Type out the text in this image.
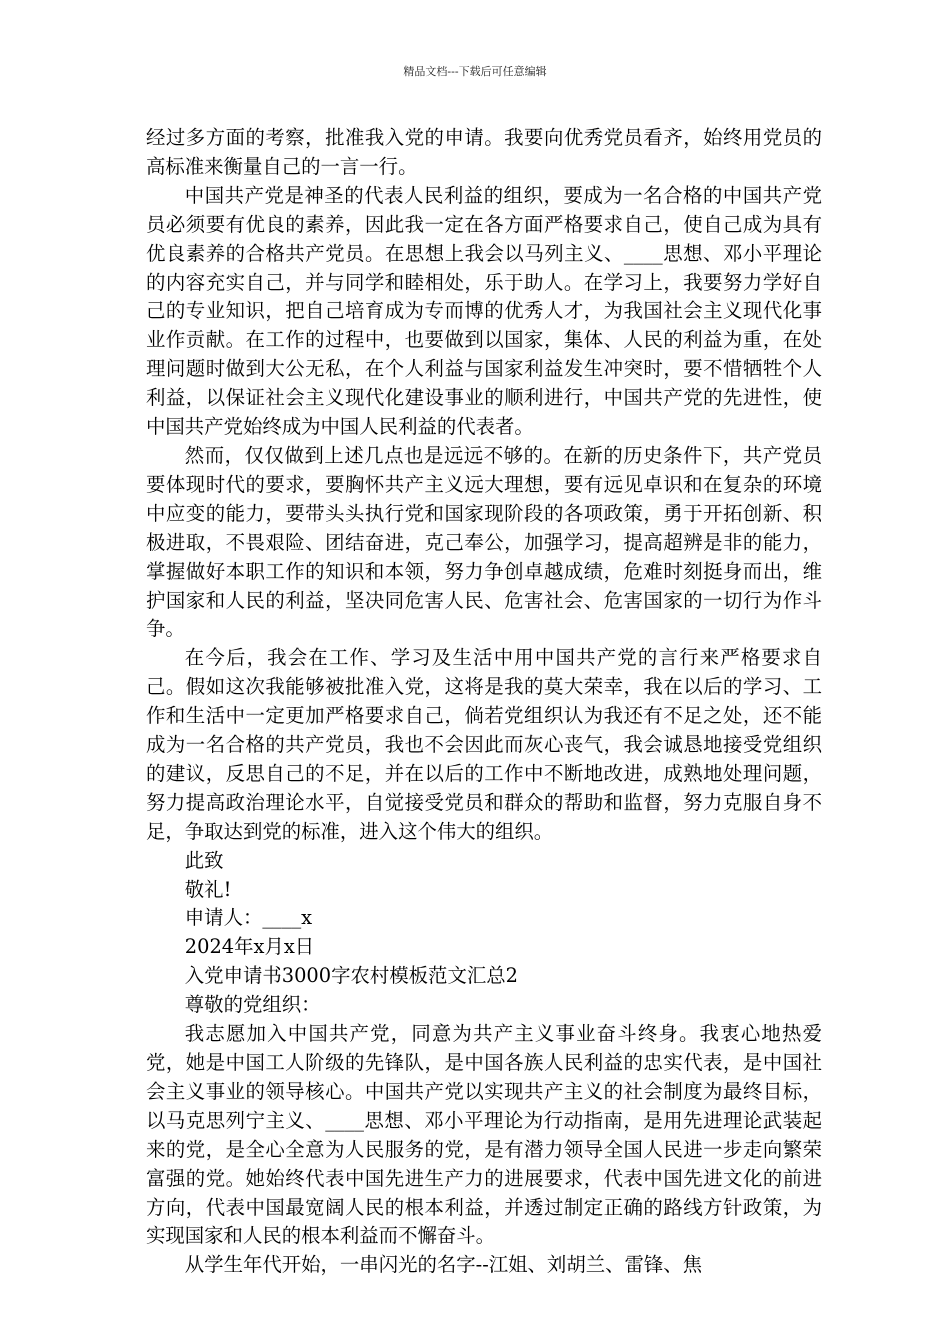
精品文档---下载后可任意编辑

经过多方面的考察，批准我入党的申请。我要向优秀党员看齐，始终用党员的高标准来衡量自己的一言一行。

中国共产党是神圣的代表人民利益的组织，要成为一名合格的中国共产党员必须要有优良的素养，因此我一定在各方面严格要求自己，使自己成为具有优良素养的合格共产党员。在思想上我会以马列主义、____思想、邓小平理论的内容充实自己，并与同学和睦相处，乐于助人。在学习上，我要努力学好自己的专业知识，把自己培育成为专而博的优秀人才，为我国社会主义现代化事业作贡献。在工作的过程中，也要做到以国家，集体、人民的利益为重，在处理问题时做到大公无私，在个人利益与国家利益发生冲突时，要不惜牺牲个人利益，以保证社会主义现代化建设事业的顺利进行，中国共产党的先进性，使中国共产党始终成为中国人民利益的代表者。

然而，仅仅做到上述几点也是远远不够的。在新的历史条件下，共产党员要体现时代的要求，要胸怀共产主义远大理想，要有远见卓识和在复杂的环境中应变的能力，要带头头执行党和国家现阶段的各项政策，勇于开拓创新、积极进取，不畏艰险、团结奋进，克己奉公，加强学习，提高超辨是非的能力，掌握做好本职工作的知识和本领，努力争创卓越成绩，危难时刻挺身而出，维护国家和人民的利益，坚决同危害人民、危害社会、危害国家的一切行为作斗争。

在今后，我会在工作、学习及生活中用中国共产党的言行来严格要求自己。假如这次我能够被批准入党，这将是我的莫大荣幸，我在以后的学习、工作和生活中一定更加严格要求自己，倘若党组织认为我还有不足之处，还不能成为一名合格的共产党员，我也不会因此而灰心丧气，我会诚恳地接受党组织的建议，反思自己的不足，并在以后的工作中不断地改进，成熟地处理问题，努力提高政治理论水平，自觉接受党员和群众的帮助和监督，努力克服自身不足，争取达到党的标准，进入这个伟大的组织。

此致

敬礼!

申请人：____x

2024年x月x日

入党申请书3000字农村模板范文汇总2

尊敬的党组织：

我志愿加入中国共产党，同意为共产主义事业奋斗终身。我衷心地热爱党，她是中国工人阶级的先锋队，是中国各族人民利益的忠实代表，是中国社会主义事业的领导核心。中国共产党以实现共产主义的社会制度为最终目标，以马克思列宁主义、____思想、邓小平理论为行动指南，是用先进理论武装起来的党，是全心全意为人民服务的党，是有潜力领导全国人民进一步走向繁荣富强的党。她始终代表中国先进生产力的进展要求，代表中国先进文化的前进方向，代表中国最宽阔人民的根本利益，并透过制定正确的路线方针政策，为实现国家和人民的根本利益而不懈奋斗。

从学生年代开始，一串闪光的名字--江姐、刘胡兰、雷锋、焦
